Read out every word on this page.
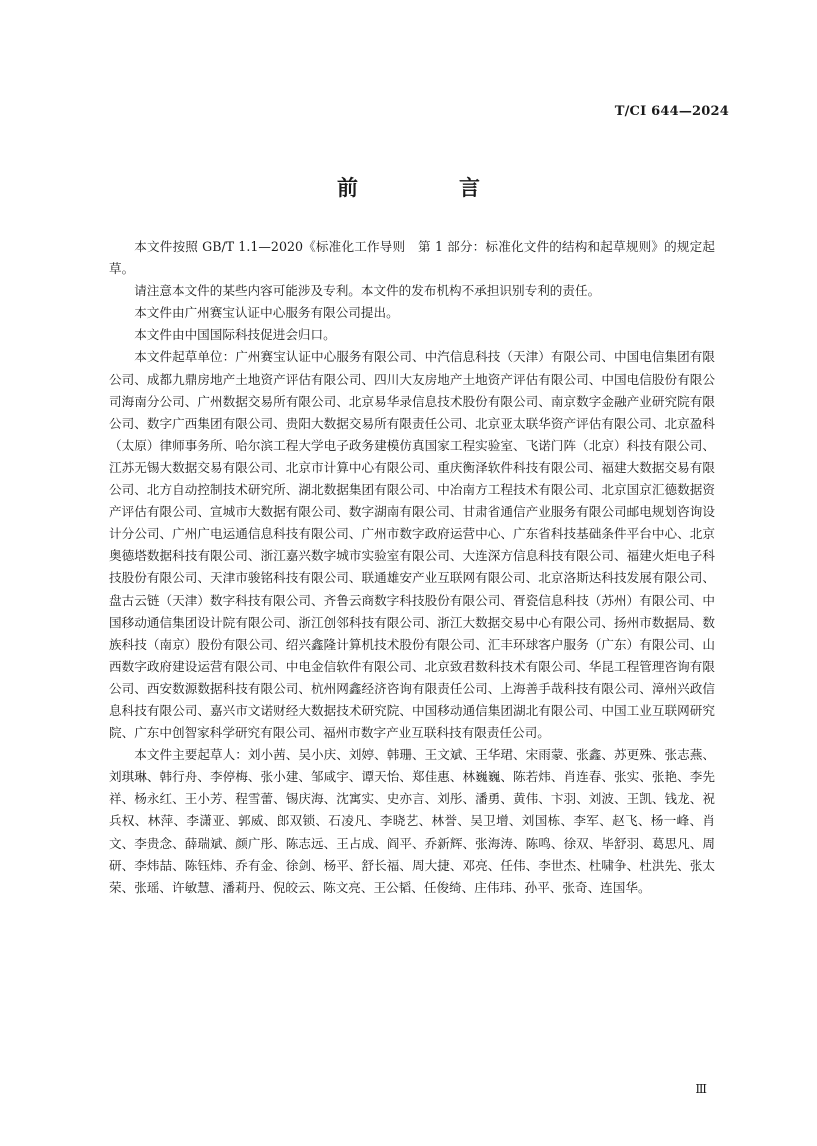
T/CI 644—2024
前　言

本文件按照 GB/T 1.1—2020《标准化工作导则　第 1 部分：标准化文件的结构和起草规则》的规定起草。

请注意本文件的某些内容可能涉及专利。本文件的发布机构不承担识别专利的责任。

本文件由广州赛宝认证中心服务有限公司提出。

本文件由中国国际科技促进会归口。

本文件起草单位：广州赛宝认证中心服务有限公司、中汽信息科技（天津）有限公司、中国电信集团有限公司、成都九鼎房地产土地资产评估有限公司、四川大友房地产土地资产评估有限公司、中国电信股份有限公司海南分公司、广州数据交易所有限公司、北京易华录信息技术股份有限公司、南京数字金融产业研究院有限公司、数字广西集团有限公司、贵阳大数据交易所有限责任公司、北京亚太联华资产评估有限公司、北京盈科（太原）律师事务所、哈尔滨工程大学电子政务建模仿真国家工程实验室、飞诺门阵（北京）科技有限公司、江苏无锡大数据交易有限公司、北京市计算中心有限公司、重庆衡泽软件科技有限公司、福建大数据交易有限公司、北方自动控制技术研究所、湖北数据集团有限公司、中冶南方工程技术有限公司、北京国京汇德数据资产评估有限公司、宣城市大数据有限公司、数字湖南有限公司、甘肃省通信产业服务有限公司邮电规划咨询设计分公司、广州广电运通信息科技有限公司、广州市数字政府运营中心、广东省科技基础条件平台中心、北京奥德塔数据科技有限公司、浙江嘉兴数字城市实验室有限公司、大连深方信息科技有限公司、福建火炬电子科技股份有限公司、天津市骏铭科技有限公司、联通雄安产业互联网有限公司、北京洛斯达科技发展有限公司、盘古云链（天津）数字科技有限公司、齐鲁云商数字科技股份有限公司、胥瓷信息科技（苏州）有限公司、中国移动通信集团设计院有限公司、浙江创邻科技有限公司、浙江大数据交易中心有限公司、扬州市数据局、数族科技（南京）股份有限公司、绍兴鑫隆计算机技术股份有限公司、汇丰环球客户服务（广东）有限公司、山西数字政府建设运营有限公司、中电金信软件有限公司、北京致君数科技术有限公司、华昆工程管理咨询有限公司、西安数源数据科技有限公司、杭州网鑫经济咨询有限责任公司、上海善手哉科技有限公司、漳州兴政信息科技有限公司、嘉兴市文诺财经大数据技术研究院、中国移动通信集团湖北有限公司、中国工业互联网研究院、广东中创智家科学研究有限公司、福州市数字产业互联科技有限责任公司。

本文件主要起草人：刘小茜、吴小庆、刘婷、韩珊、王文斌、王华珺、宋雨蒙、张鑫、苏更殊、张志燕、刘琪琳、韩行舟、李停梅、张小建、邹咸宇、谭天怡、郑佳惠、林巍巍、陈若炜、肖连春、张实、张艳、李先祥、杨永红、王小芳、程雪蕾、锡庆海、沈寓实、史亦言、刘彤、潘勇、黄伟、卞羽、刘波、王凯、钱龙、祝兵权、林萍、李潇亚、郭威、郎双锁、石凌凡、李晓艺、林誉、吴卫增、刘国栋、李军、赵飞、杨一峰、肖文、李贵念、薛瑞斌、颜广彤、陈志远、王占成、阎平、乔新辉、张海涛、陈鸣、徐双、毕舒羽、葛思凡、周研、李炜喆、陈钰炜、乔有金、徐剑、杨平、舒长福、周大捷、邓亮、任伟、李世杰、杜啸争、杜洪先、张太荣、张瑶、许敏慧、潘莉丹、倪皎云、陈文亮、王公韬、任俊绮、庄伟玮、孙平、张奇、连国华。

Ⅲ
